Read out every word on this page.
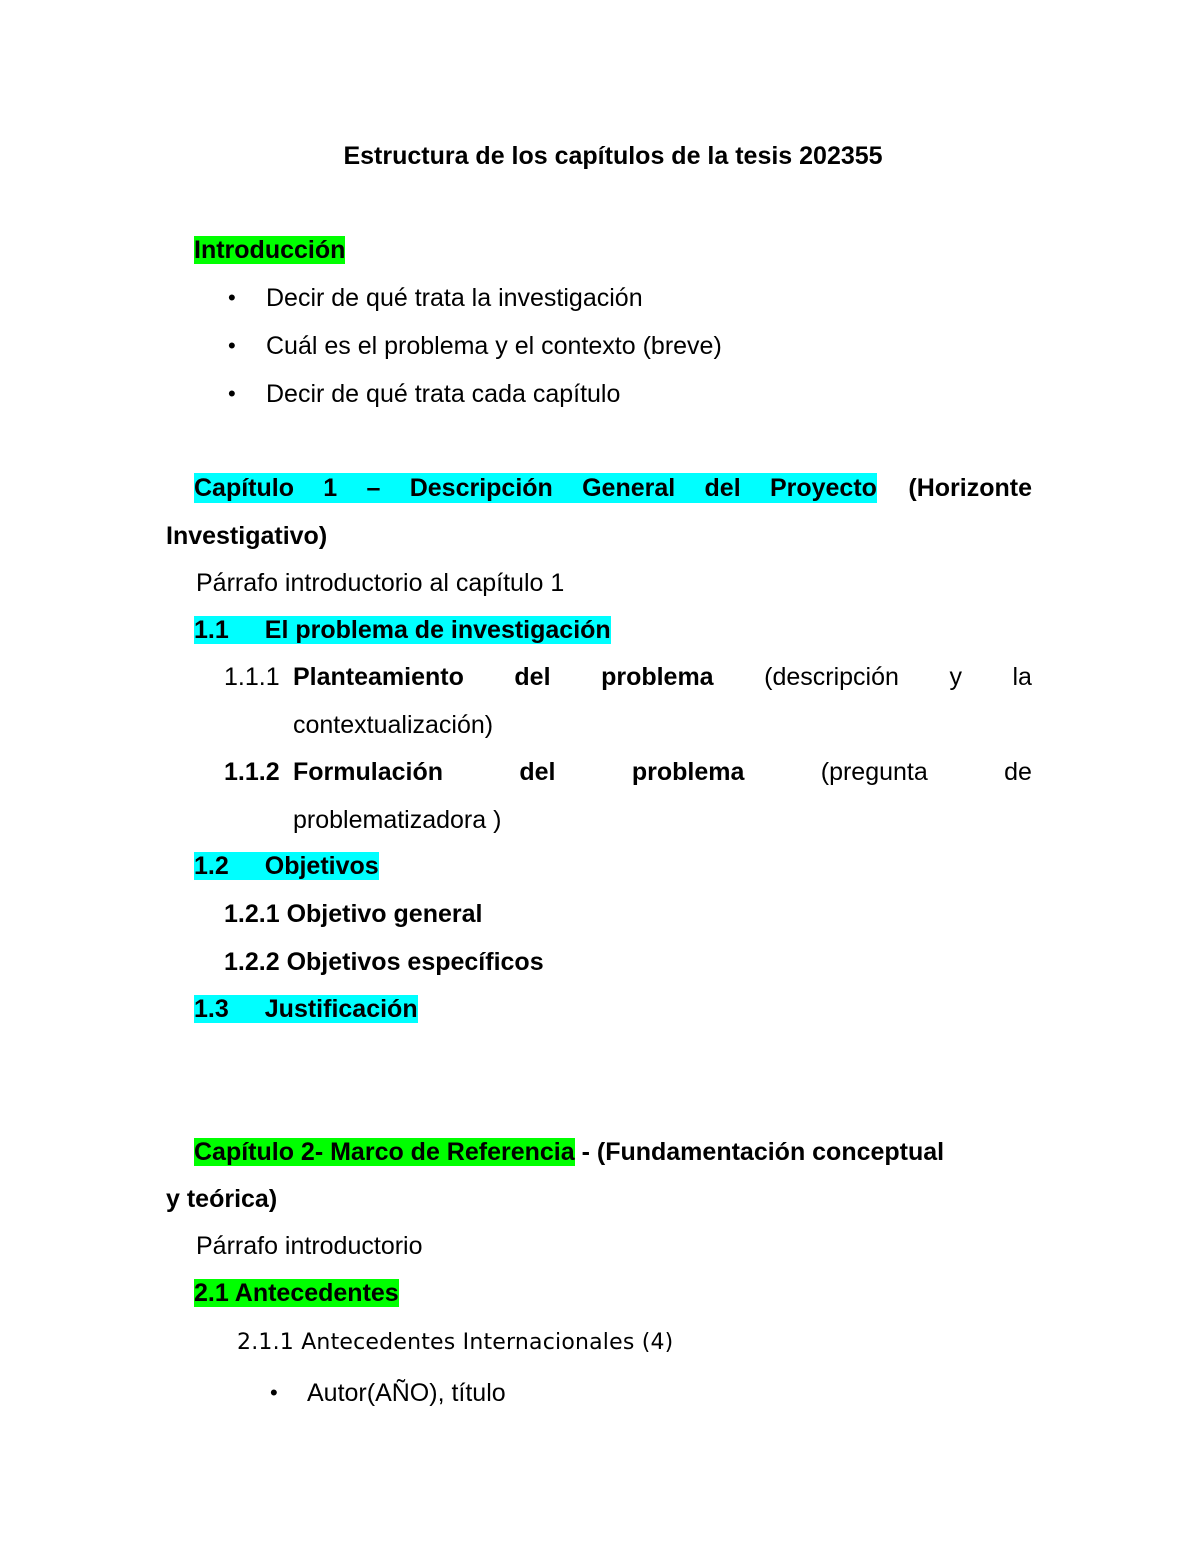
Estructura de los capítulos de la tesis 202355
Introducción
• Decir de qué trata la investigación
• Cuál es el problema y el contexto (breve)
• Decir de qué trata cada capítulo
Capítulo 1 – Descripción General del Proyecto (Horizonte
Investigativo)
Párrafo introductorio al capítulo 1
1.1 El problema de investigación
1.1.1 Planteamiento del problema (descripción y la
contextualización)
1.1.2 Formulación	del	problema	(pregunta	de
problematizadora )
1.2 Objetivos
1.2.1 Objetivo general
1.2.2 Objetivos específicos
1.3 Justificación
Capítulo 2- Marco de Referencia - (Fundamentación conceptual
y teórica)
Párrafo introductorio
2.1 Antecedentes
2.1.1 Antecedentes Internacionales (4)
• Autor(AÑO), título
